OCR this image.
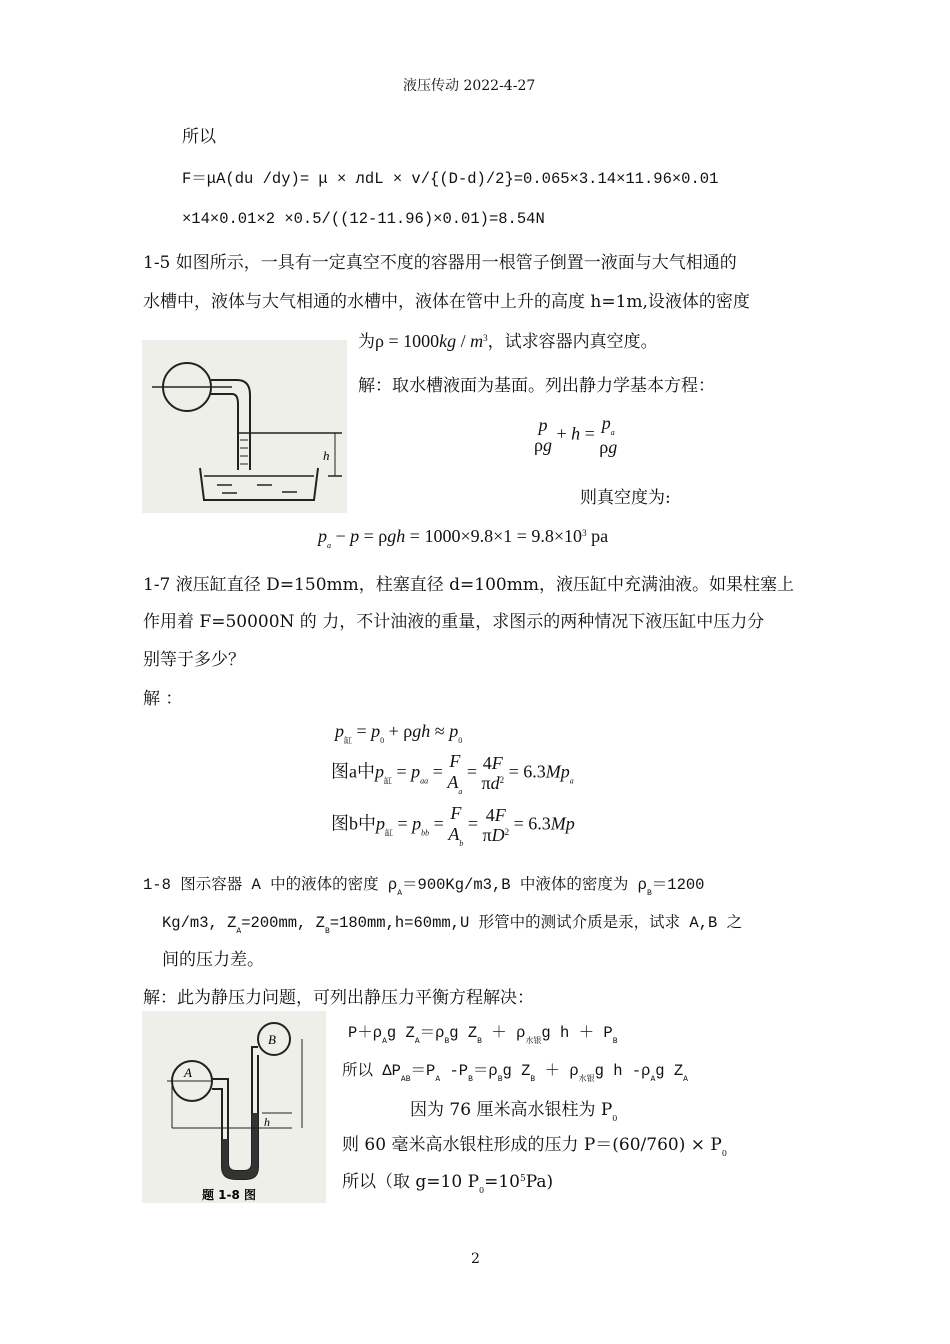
液压传动 2022-4-27
所以
F＝μA(du /dy)= μ × лdL × v/{(D-d)/2}=0.065×3.14×11.96×0.01
×14×0.01×2 ×0.5/((12-11.96)×0.01)=8.54N
1-5 如图所示，一具有一定真空不度的容器用一根管子倒置一液面与大气相通的
水槽中，液体与大气相通的水槽中，液体在管中上升的高度 h=1m,设液体的密度
为$\rho = 1000kg / m^3$，试求容器内真空度。
h
解：取水槽液面为基面。列出静力学基本方程：
p
ρg
+ h =
$p_a$
ρg
则真空度为:
$p_a - p = \rho gh = 1000\times 9.8\times 1 = 9.8\times 10^3$ pa
1-7 液压缸直径 D=150mm，柱塞直径 d=100mm，液压缸中充满油液。如果柱塞上
作用着 F=50000N 的 力，不计油液的重量，求图示的两种情况下液压缸中压力分
别等于多少？
解 ：
$p_缸 = p_0 + \rho gh \approx p_0$
图a中$p_缸 = p_{aa}$ =
F
$A_a$
= 4F
$\pi d^2 = 6.3Mp_a$
图b中$p_缸 = p_{bb}$ =
F
$A_b$
= 4F
$\pi D^2 = 6.3Mp$
1-8 图示容器 A 中的液体的密度 $\rho_A=900Kg/m3,B$ 中液体的密度为 $\rho_B=1200$
Kg/m3, $Z_A=200mm$, $Z_B=180mm,h=60mm,U$ 形管中的测试介质是汞，试求 A,B 之
间的压力差。
解：此为静压力问题，可列出静压力平衡方程解决：
A
B
h
题 1-8 图
$P+\rho_Ag$ $Z_A=\rho_Bg$ $Z_B + \rho_{水银}g$ $h + P_B$
所以 $\Delta P_{AB}=P_A$ $-P_B=\rho_Bg$ $Z_B + \rho_{水银}g$ h $-\rho_Ag$ $Z_A$
因为 76 厘米高水银柱为 $P_0$
则 60 毫米高水银柱形成的压力 $P=(60/760) \times P_0$
所以（取 g=10 $P_0=10^5Pa$)
2
